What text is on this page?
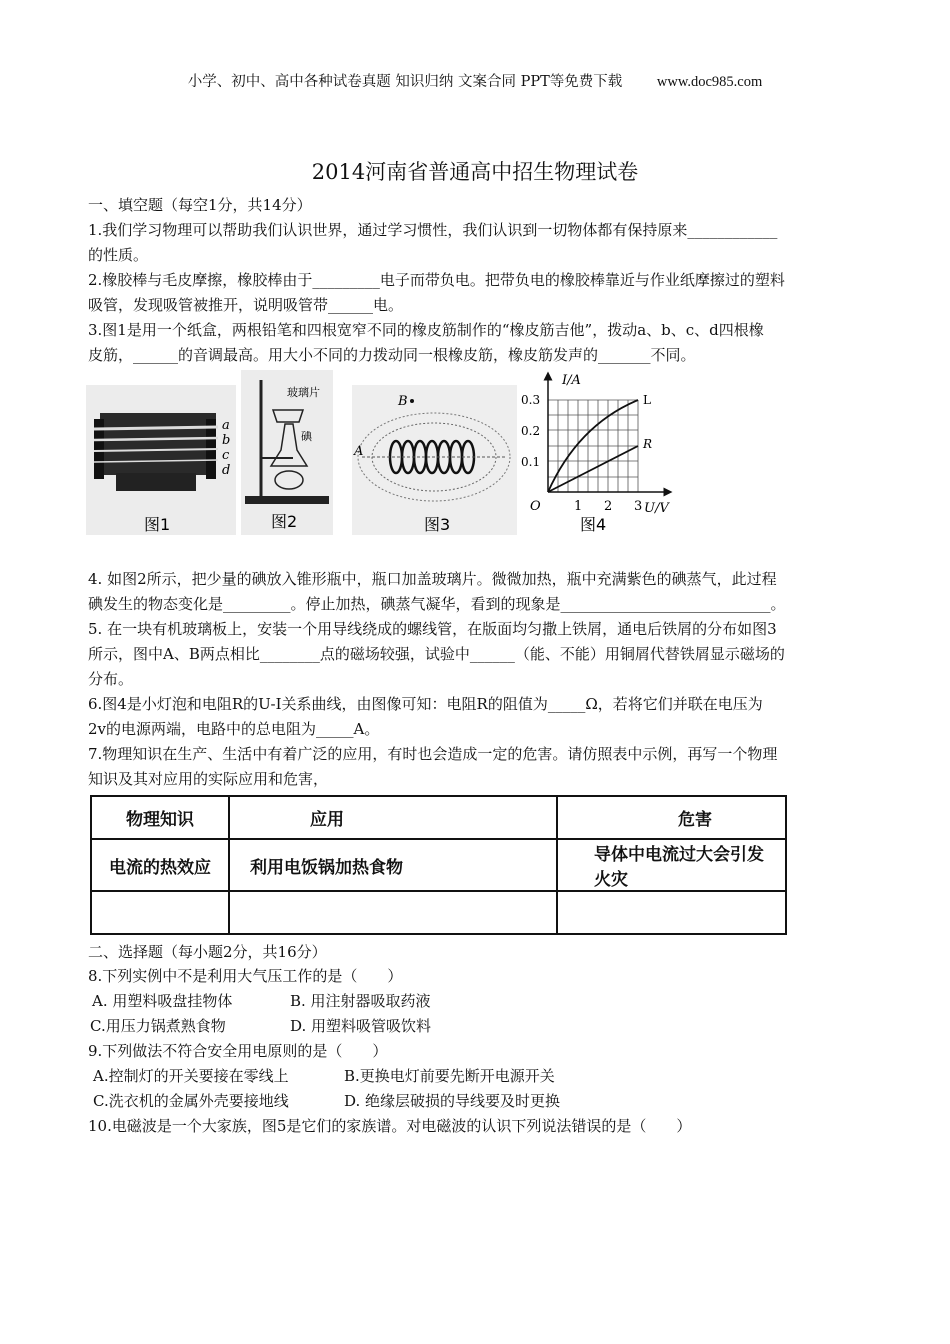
小学、初中、高中各种试卷真题 知识归纳 文案合同 PPT等免费下载 www.doc985.com
2014河南省普通高中招生物理试卷
一、填空题（每空1分，共14分）
1.我们学习物理可以帮助我们认识世界，通过学习惯性，我们认识到一切物体都有保持原来____________
的性质。
2.橡胶棒与毛皮摩擦，橡胶棒由于_________电子而带负电。把带负电的橡胶棒靠近与作业纸摩擦过的塑料
吸管，发现吸管被推开，说明吸管带______电。
3.图1是用一个纸盒，两根铅笔和四根宽窄不同的橡皮筋制作的“橡皮筋吉他”，拨动a、b、c、d四根橡
皮筋，______的音调最高。用大小不同的力拨动同一根橡皮筋，橡皮筋发声的_______不同。
a
b
c
d
图1
玻璃片
碘
图2
B
A
图3
I/A
U/V
O
0.3
0.2
0.1
1 2 3
L
R
图4
4. 如图2所示，把少量的碘放入锥形瓶中，瓶口加盖玻璃片。微微加热，瓶中充满紫色的碘蒸气，此过程
碘发生的物态变化是_________。停止加热，碘蒸气凝华，看到的现象是____________________________。
5. 在一块有机玻璃板上，安装一个用导线绕成的螺线管，在版面均匀撒上铁屑，通电后铁屑的分布如图3
所示，图中A、B两点相比________点的磁场较强，试验中______（能、不能）用铜屑代替铁屑显示磁场的
分布。
6.图4是小灯泡和电阻R的U-I关系曲线，由图像可知：电阻R的阻值为_____Ω，若将它们并联在电压为
2v的电源两端，电路中的总电阻为_____A。
7.物理知识在生产、生活中有着广泛的应用，有时也会造成一定的危害。请仿照表中示例，再写一个物理
知识及其对应用的实际应用和危害，
物理知识	应用	危害
电流的热效应	利用电饭锅加热食物	导体中电流过大会引发火灾

二、选择题（每小题2分，共16分）
8.下列实例中不是利用大气压工作的是（　　）
A. 用塑料吸盘挂物体	B. 用注射器吸取药液
C.用压力锅煮熟食物	D. 用塑料吸管吸饮料
9.下列做法不符合安全用电原则的是（　　）
A.控制灯的开关要接在零线上	B.更换电灯前要先断开电源开关
C.洗衣机的金属外壳要接地线	D. 绝缘层破损的导线要及时更换
10.电磁波是一个大家族，图5是它们的家族谱。对电磁波的认识下列说法错误的是（　　）
